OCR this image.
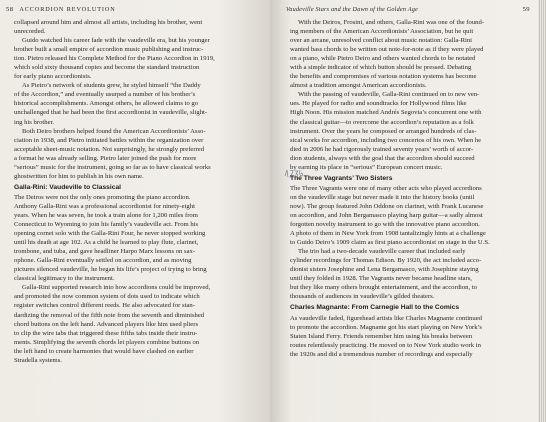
58 ACCORDION REVOLUTION
collapsed around him and almost all artists, including his brother, went
unrecorded.
Guido watched his career fade with the vaudeville era, but his younger
brother built a small empire of accordion music publishing and instruc-
tion. Pietro released his Complete Method for the Piano Accordion in 1919,
which sold sixty thousand copies and become the standard instruction
for early piano accordionists.
As Pietro’s network of students grew, he styled himself “the Daddy
of the Accordion,” and eventually usurped a number of his brother’s
historical accomplishments. Amongst others, he allowed claims to go
unchallenged that he had been the first accordionist in vaudeville, slight-
ing his brother.
Both Deiro brothers helped found the American Accordionists’ Asso-
ciation in 1938, and Pietro initiated battles within the organization over
acceptable sheet-music notation. Not surprisingly, he strongly preferred
a format he was already selling. Pietro later joined the push for more
“serious” music for the instrument, going so far as to have classical works
ghostwritten for him to publish in his own name.
Galla-Rini: Vaudeville to Classical
The Deiros were not the only ones promoting the piano accordion.
Anthony Galla-Rini was a professional accordionist for ninety-eight
years. When he was seven, he took a train alone for 1,200 miles from
Connecticut to Wyoming to join his family’s vaudeville act. From his
opening cornet solo with the Galla-Rini Four, he never stopped working
until his death at age 102. As a child he learned to play flute, clarinet,
trombone, and tuba, and gave headliner Harpo Marx lessons on sax-
ophone. Galla-Rini eventually settled on accordion, and as moving
pictures silenced vaudeville, he began his life’s project of trying to bring
classical legitimacy to the instrument.
Galla-Rini supported research into how accordions could be improved,
and promoted the now common system of dots used to indicate which
register switches control different reeds. He also advocated for stan-
dardizing the removal of the fifth note from the seventh and diminished
chord buttons on the left hand. Advanced players like him used pliers
to clip the wire tabs that triggered these fifths tabs inside their instru-
ments. Simplifying the seventh chords let players combine buttons on
the left hand to create harmonies that would have clashed on earlier
Stradella systems.
Vaudeville Stars and the Dawn of the Golden Age	59
With the Deiros, Frosini, and others, Galla-Rini was one of the found-
ing members of the American Accordionists’ Association, but he quit
over an arcane, unresolved conflict about music notation: Galla-Rini
wanted bass chords to be written out note-for-note as if they were played
on a piano, while Pietro Deiro and others wanted chords to be notated
with a simple indicator of which button should be pressed. Debating
the benefits and compromises of various notation systems has become
almost a tradition amongst American accordionists.
With the passing of vaudeville, Galla-Rini continued on to new ven-
ues. He played for radio and soundtracks for Hollywood films like
High Noon. His mission matched Andrés Segovia’s concurrent one with
the classical guitar—to overcome the accordion’s reputation as a folk
instrument. Over the years he composed or arranged hundreds of clas-
sical works for accordion, including two concertos of his own. When he
died in 2006 he had rigorously trained seventy years’ worth of accor-
dion students, always with the goal that the accordion should succeed
by earning its place in “serious” European concert music.
The Three Vagrants’ Two Sisters
The Three Vagrants were one of many other acts who played accordions
on the vaudeville stage but never made it into the history books (until
now). The group featured John Oddone on clarinet, with Frank Lucanese
on accordion, and John Bergamasco playing harp guitar—a sadly almost
forgotten novelty instrument to go with the innovative piano accordion.
A photo of them in New York from 1908 tantalizingly hints at a challenge
to Guido Deiro’s 1909 claim as first piano accordionist on stage in the U.S.
The trio had a two-decade vaudeville career that included early
cylinder recordings for Thomas Edison. By 1920, the act included acco-
dionist sisters Josephine and Lena Bergamasco, with Josephine staying
until they folded in 1928. The Vagrants never became headline stars,
but they like many others brought entertainment, and the accordion, to
thousands of audiences in vaudeville’s gilded theaters.
Charles Magnante: From Carnegie Hall to the Comics
As vaudeville faded, figurehead artists like Charles Magnante continued
to promote the accordion. Magnante got his start playing on New York’s
Staten Island Ferry. Friends remember him using his breaks between
routes relentlessly practicing. He moved on to New York studio work in
the 1920s and did a tremendous number of recordings and especially
